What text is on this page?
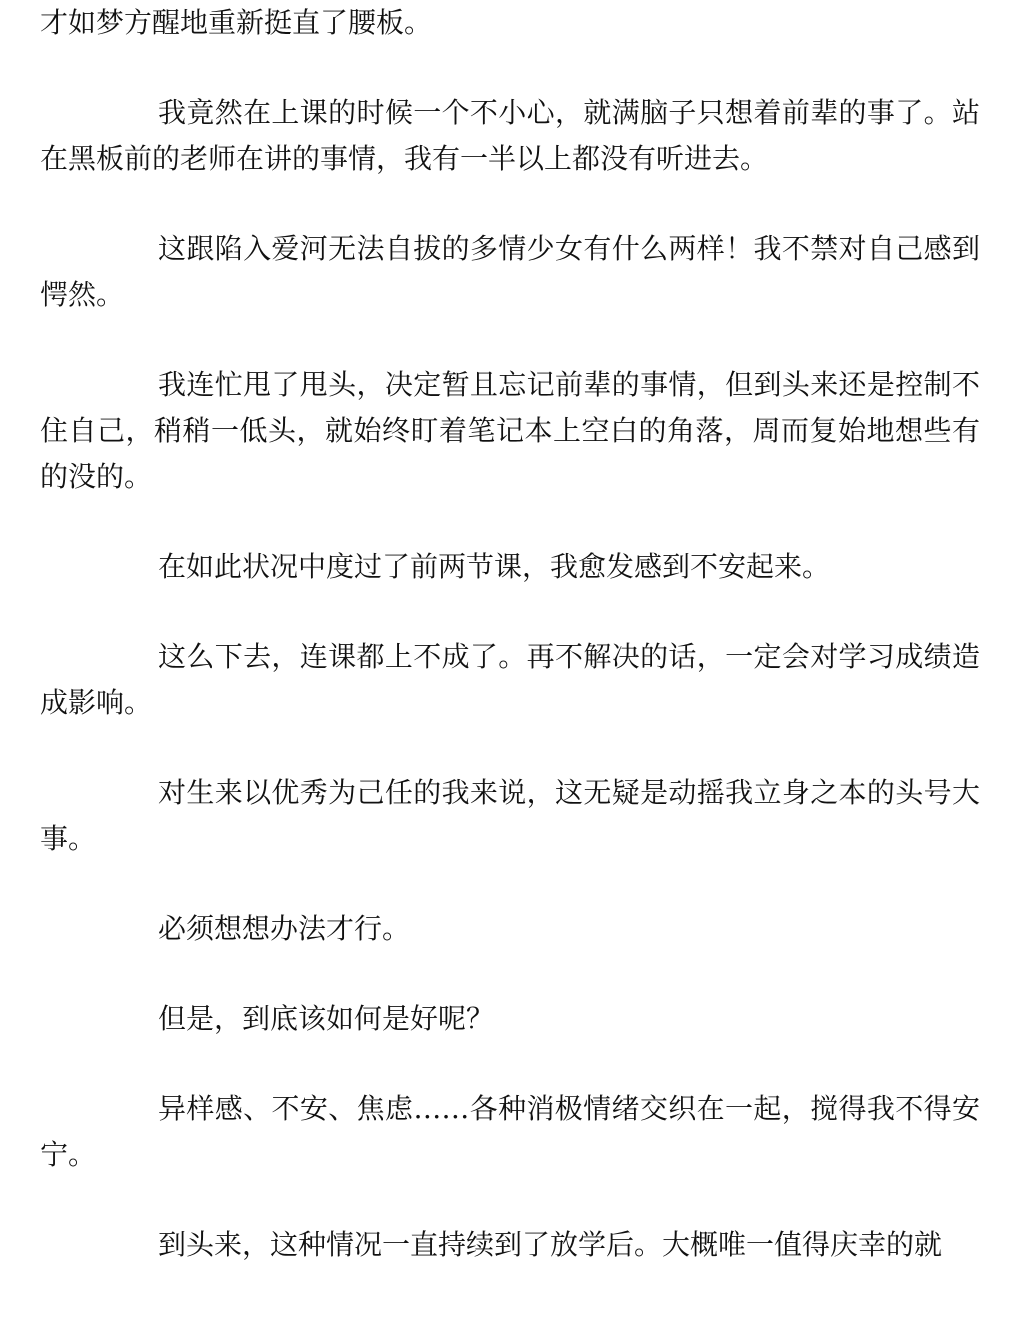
才如梦方醒地重新挺直了腰板。

我竟然在上课的时候一个不小心，就满脑子只想着前辈的事了。站在黑板前的老师在讲的事情，我有一半以上都没有听进去。

这跟陷入爱河无法自拔的多情少女有什么两样！我不禁对自己感到愕然。

我连忙甩了甩头，决定暂且忘记前辈的事情，但到头来还是控制不住自己，稍稍一低头，就始终盯着笔记本上空白的角落，周而复始地想些有的没的。

在如此状况中度过了前两节课，我愈发感到不安起来。

这么下去，连课都上不成了。再不解决的话，一定会对学习成绩造成影响。

对生来以优秀为己任的我来说，这无疑是动摇我立身之本的头号大事。

必须想想办法才行。

但是，到底该如何是好呢？

异样感、不安、焦虑……各种消极情绪交织在一起，搅得我不得安宁。

到头来，这种情况一直持续到了放学后。大概唯一值得庆幸的就
